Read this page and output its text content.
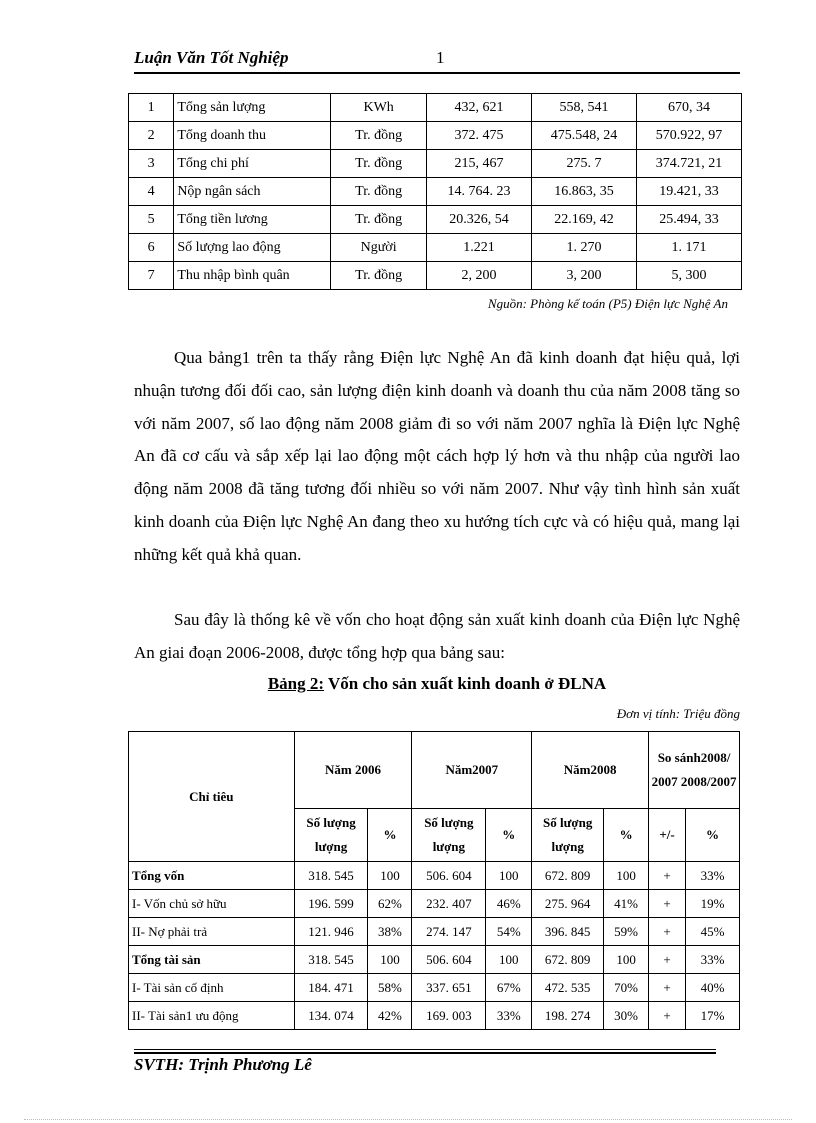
Luận Văn Tốt Nghiệp	1
1	Tổng sản lượng	KWh	432, 621	558, 541	670, 34
2	Tổng doanh thu	Tr. đồng	372. 475	475.548, 24	570.922, 97
3	Tổng chi phí	Tr. đồng	215, 467	275. 7	374.721, 21
4	Nộp ngân sách	Tr. đồng	14. 764. 23	16.863, 35	19.421, 33
5	Tổng tiền lương	Tr. đồng	20.326, 54	22.169, 42	25.494, 33
6	Số lượng lao động	Người	1.221	1. 270	1. 171
7	Thu nhập bình quân	Tr. đồng	2, 200	3, 200	5, 300
Nguồn: Phòng kế toán (P5) Điện lực Nghệ An

Qua bảng1 trên ta thấy rằng Điện lực Nghệ An đã kinh doanh đạt hiệu quả, lợi nhuận tương đối đối cao, sản lượng điện kinh doanh và doanh thu của năm 2008 tăng so với năm 2007, số lao động năm 2008 giảm đi so với năm 2007 nghĩa là Điện lực Nghệ An đã cơ cấu và sắp xếp lại lao động một cách hợp lý hơn và thu nhập của người lao động năm 2008 đã tăng tương đối nhiều so với năm 2007. Như vậy tình hình sản xuất kinh doanh của Điện lực Nghệ An đang theo xu hướng tích cực và có hiệu quả, mang lại những kết quả khả quan.

Sau đây là thống kê về vốn cho hoạt động sản xuất kinh doanh của Điện lực Nghệ An giai đoạn 2006-2008, được tổng hợp qua bảng sau:

Bảng 2: Vốn cho sản xuất kinh doanh ở ĐLNA
Đơn vị tính: Triệu đồng
Chỉ tiêu	Năm 2006		Năm2007		Năm2008		So sánh2008/ 2007 2008/2007	
	Số lượng lượng	%	Số lượng lượng	%	Số lượng lượng	%	+/-	%
Tổng vốn	318. 545	100	506. 604	100	672. 809	100	+	33%
I- Vốn chủ sở hữu	196. 599	62%	232. 407	46%	275. 964	41%	+	19%
II- Nợ phải trả	121. 946	38%	274. 147	54%	396. 845	59%	+	45%
Tổng tài sản	318. 545	100	506. 604	100	672. 809	100	+	33%
I- Tài sản cố định	184. 471	58%	337. 651	67%	472. 535	70%	+	40%
II- Tài sản1 ưu động	134. 074	42%	169. 003	33%	198. 274	30%	+	17%
SVTH: Trịnh Phương Lê
